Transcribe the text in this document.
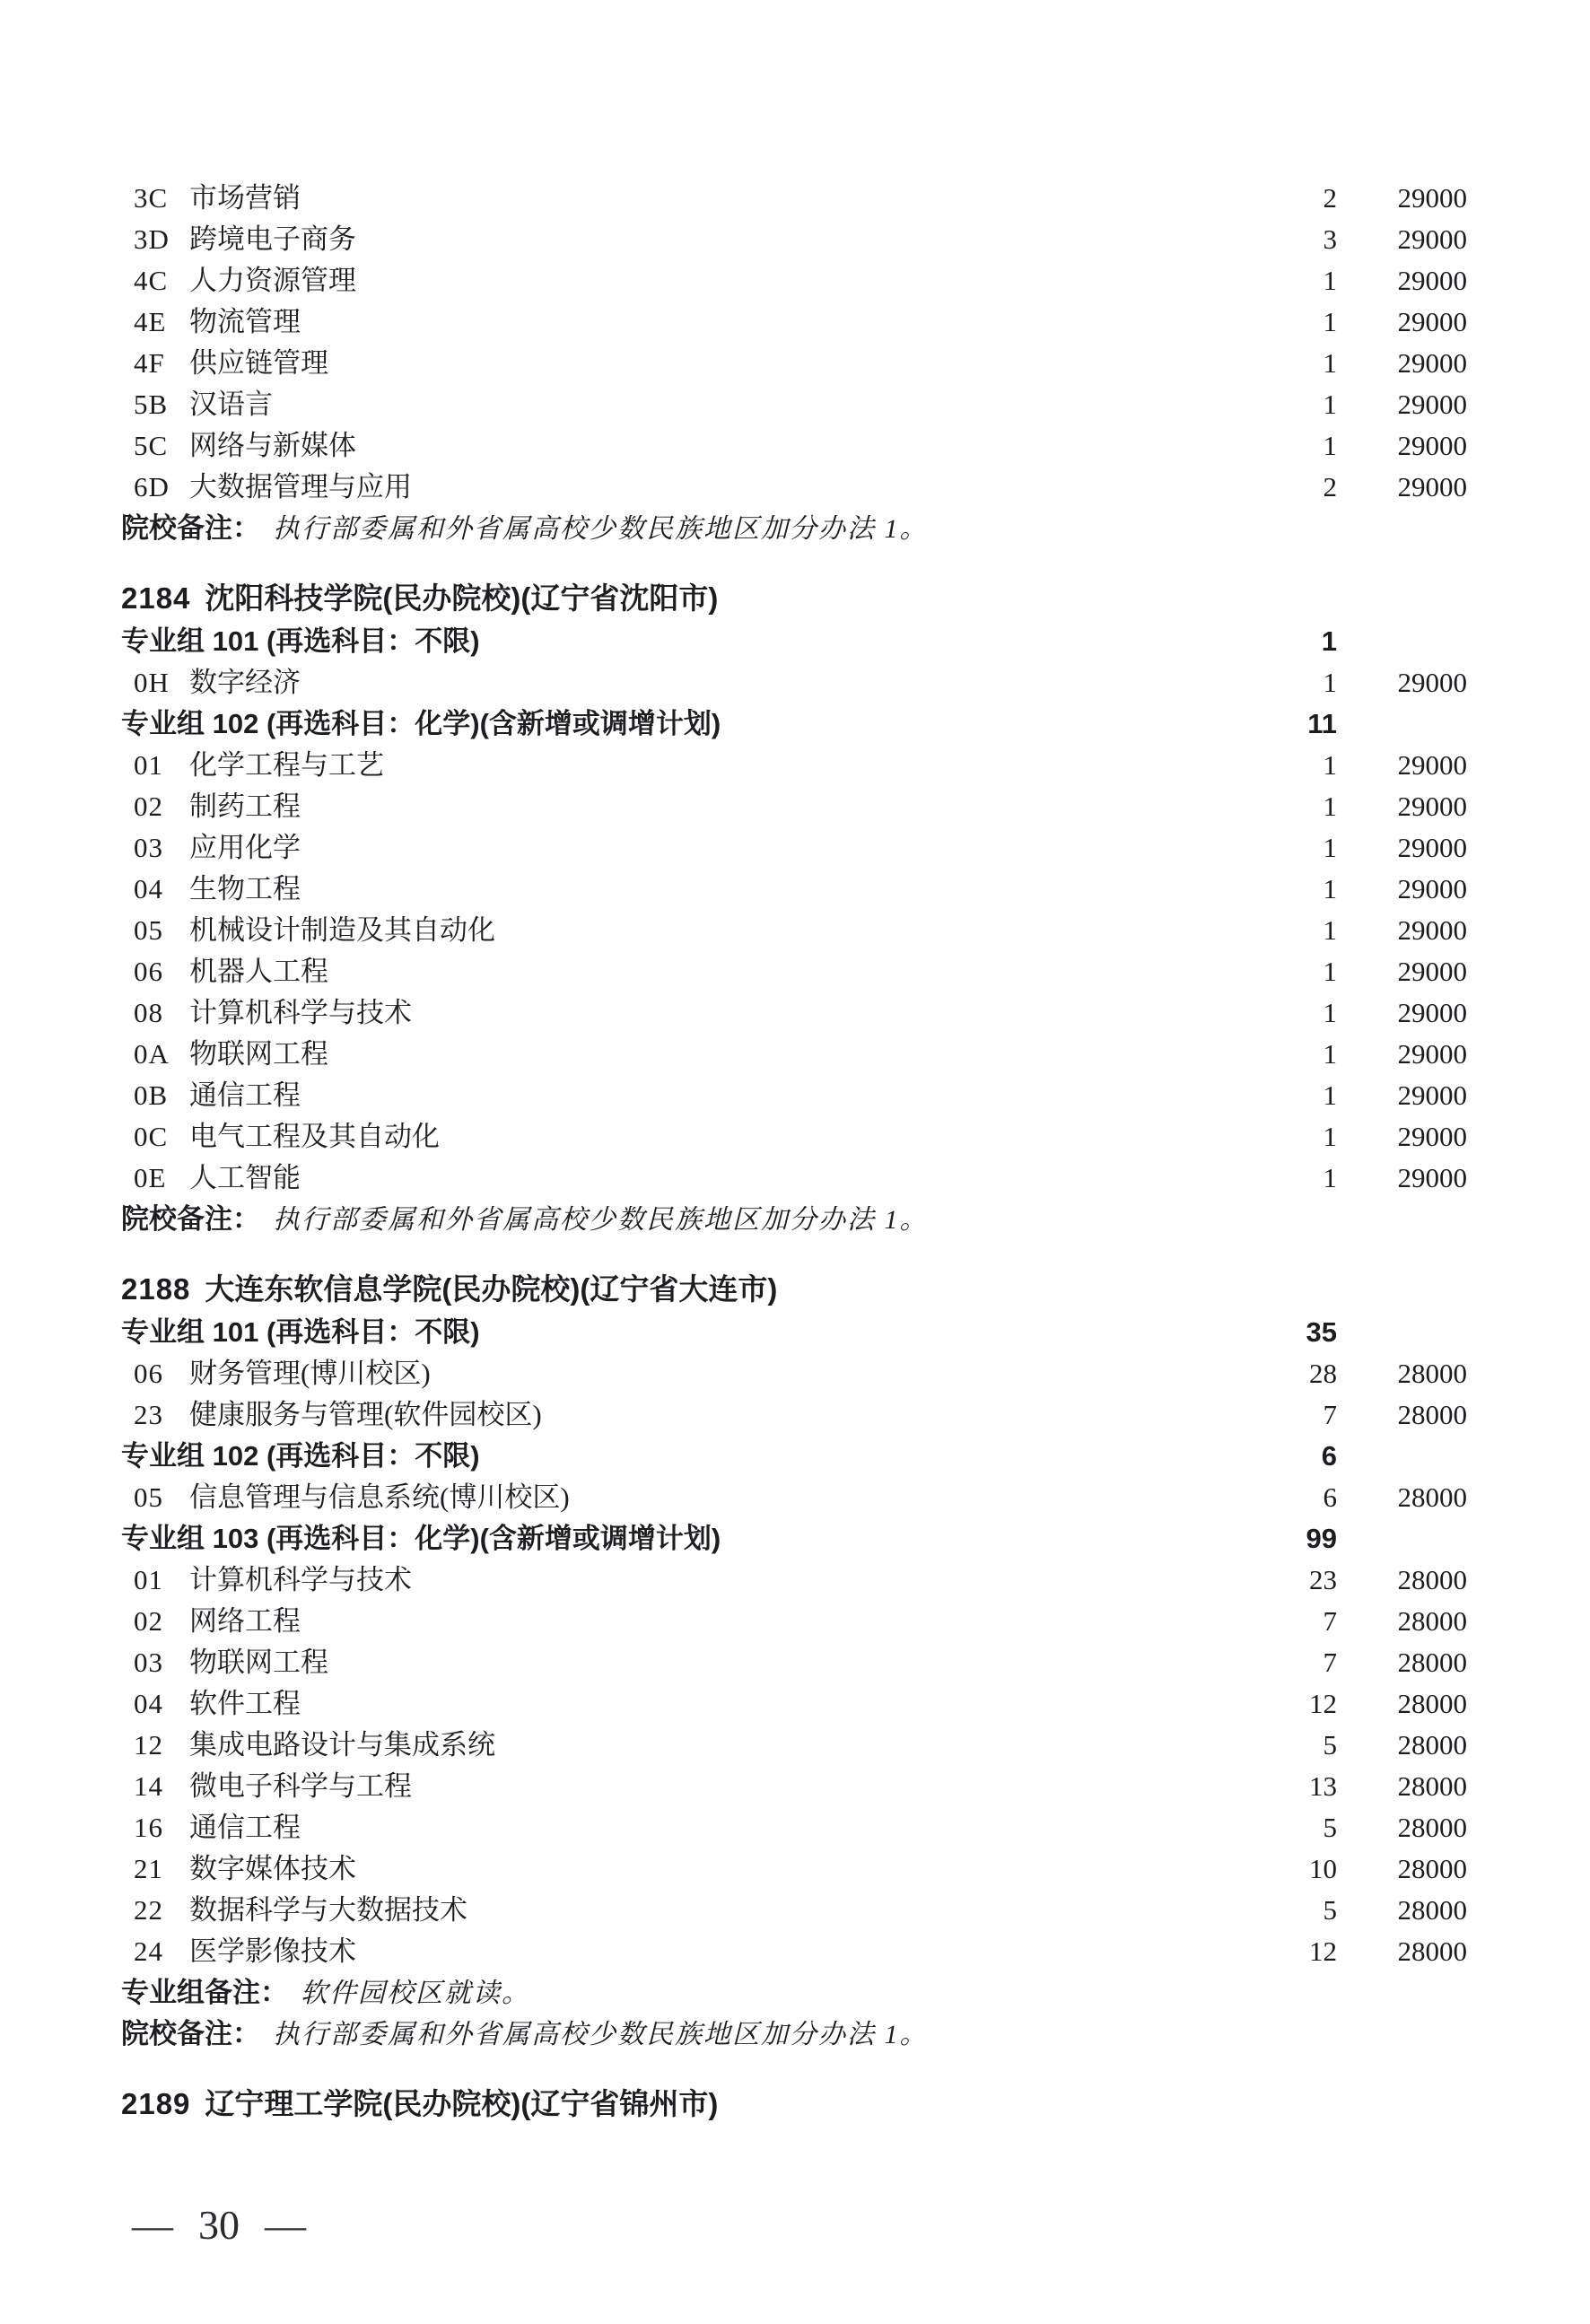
3C 市场营销	2	29000
3D 跨境电子商务	3	29000
4C 人力资源管理	1	29000
4E 物流管理	1	29000
4F 供应链管理	1	29000
5B 汉语言	1	29000
5C 网络与新媒体	1	29000
6D 大数据管理与应用	2	29000
院校备注： 执行部委属和外省属高校少数民族地区加分办法 1。
2184 沈阳科技学院(民办院校)(辽宁省沈阳市)
专业组 101 (再选科目：不限)	1
0H 数字经济	1	29000
专业组 102 (再选科目：化学)(含新增或调增计划)	11
01 化学工程与工艺	1	29000
02 制药工程	1	29000
03 应用化学	1	29000
04 生物工程	1	29000
05 机械设计制造及其自动化	1	29000
06 机器人工程	1	29000
08 计算机科学与技术	1	29000
0A 物联网工程	1	29000
0B 通信工程	1	29000
0C 电气工程及其自动化	1	29000
0E 人工智能	1	29000
院校备注： 执行部委属和外省属高校少数民族地区加分办法 1。
2188 大连东软信息学院(民办院校)(辽宁省大连市)
专业组 101 (再选科目：不限)	35
06 财务管理(博川校区)	28	28000
23 健康服务与管理(软件园校区)	7	28000
专业组 102 (再选科目：不限)	6
05 信息管理与信息系统(博川校区)	6	28000
专业组 103 (再选科目：化学)(含新增或调增计划)	99
01 计算机科学与技术	23	28000
02 网络工程	7	28000
03 物联网工程	7	28000
04 软件工程	12	28000
12 集成电路设计与集成系统	5	28000
14 微电子科学与工程	13	28000
16 通信工程	5	28000
21 数字媒体技术	10	28000
22 数据科学与大数据技术	5	28000
24 医学影像技术	12	28000
专业组备注： 软件园校区就读。
院校备注： 执行部委属和外省属高校少数民族地区加分办法 1。
2189 辽宁理工学院(民办院校)(辽宁省锦州市)
— 30 —
